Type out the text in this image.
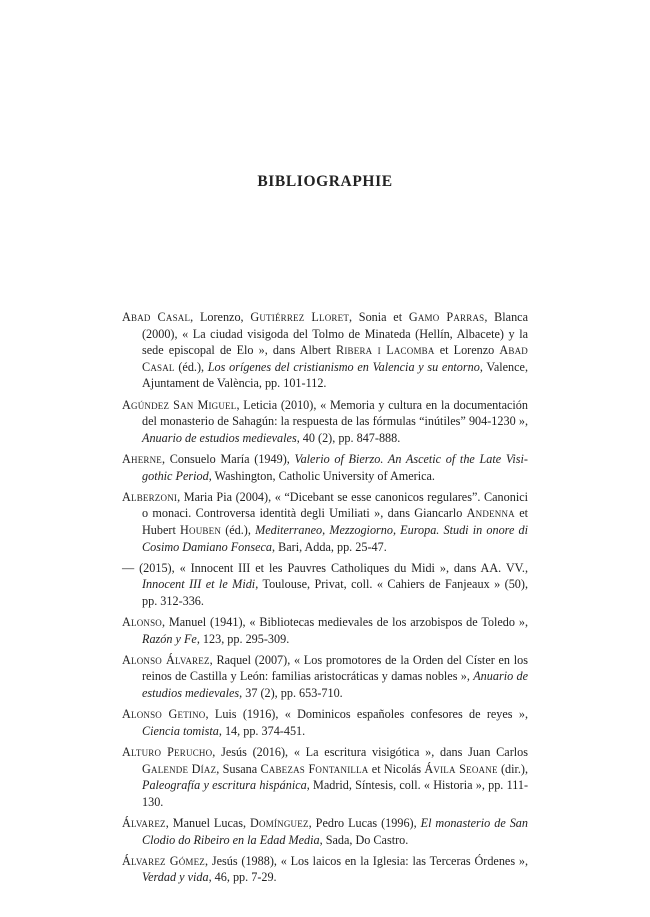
BIBLIOGRAPHIE

Abad Casal, Lorenzo, Gutiérrez Lloret, Sonia et Gamo Parras, Blanca (2000), « La ciudad visigoda del Tolmo de Minateda (Hellín, Albacete) y la sede episcopal de Elo », dans Albert Ribera i Lacomba et Lorenzo Abad Casal (éd.), Los orígenes del cristianismo en Valencia y su entorno, Valence, Ajuntament de València, pp. 101-112.

Agúndez San Miguel, Leticia (2010), « Memoria y cultura en la documentación del monasterio de Sahagún: la respuesta de las fórmulas “inútiles” 904-1230 », Anuario de estudios medievales, 40 (2), pp. 847-888.

Aherne, Consuelo María (1949), Valerio of Bierzo. An Ascetic of the Late Visigothic Period, Washington, Catholic University of America.

Alberzoni, Maria Pia (2004), « “Dicebant se esse canonicos regulares”. Canonici o monaci. Controversa identità degli Umiliati », dans Giancarlo Andenna et Hubert Houben (éd.), Mediterraneo, Mezzogiorno, Europa. Studi in onore di Cosimo Damiano Fonseca, Bari, Adda, pp. 25-47.

— (2015), « Innocent III et les Pauvres Catholiques du Midi », dans AA. VV., Innocent III et le Midi, Toulouse, Privat, coll. « Cahiers de Fanjeaux » (50), pp. 312-336.

Alonso, Manuel (1941), « Bibliotecas medievales de los arzobispos de Toledo », Razón y Fe, 123, pp. 295-309.

Alonso Álvarez, Raquel (2007), « Los promotores de la Orden del Císter en los reinos de Castilla y León: familias aristocráticas y damas nobles », Anuario de estudios medievales, 37 (2), pp. 653-710.

Alonso Getino, Luis (1916), « Dominicos españoles confesores de reyes », Ciencia tomista, 14, pp. 374-451.

Alturo Perucho, Jesús (2016), « La escritura visigótica », dans Juan Carlos Galende Díaz, Susana Cabezas Fontanilla et Nicolás Ávila Seoane (dir.), Paleografía y escritura hispánica, Madrid, Síntesis, coll. « Historia », pp. 111-130.

Álvarez, Manuel Lucas, Domínguez, Pedro Lucas (1996), El monasterio de San Clodio do Ribeiro en la Edad Media, Sada, Do Castro.

Álvarez Gómez, Jesús (1988), « Los laicos en la Iglesia: las Terceras Órdenes », Verdad y vida, 46, pp. 7-29.
